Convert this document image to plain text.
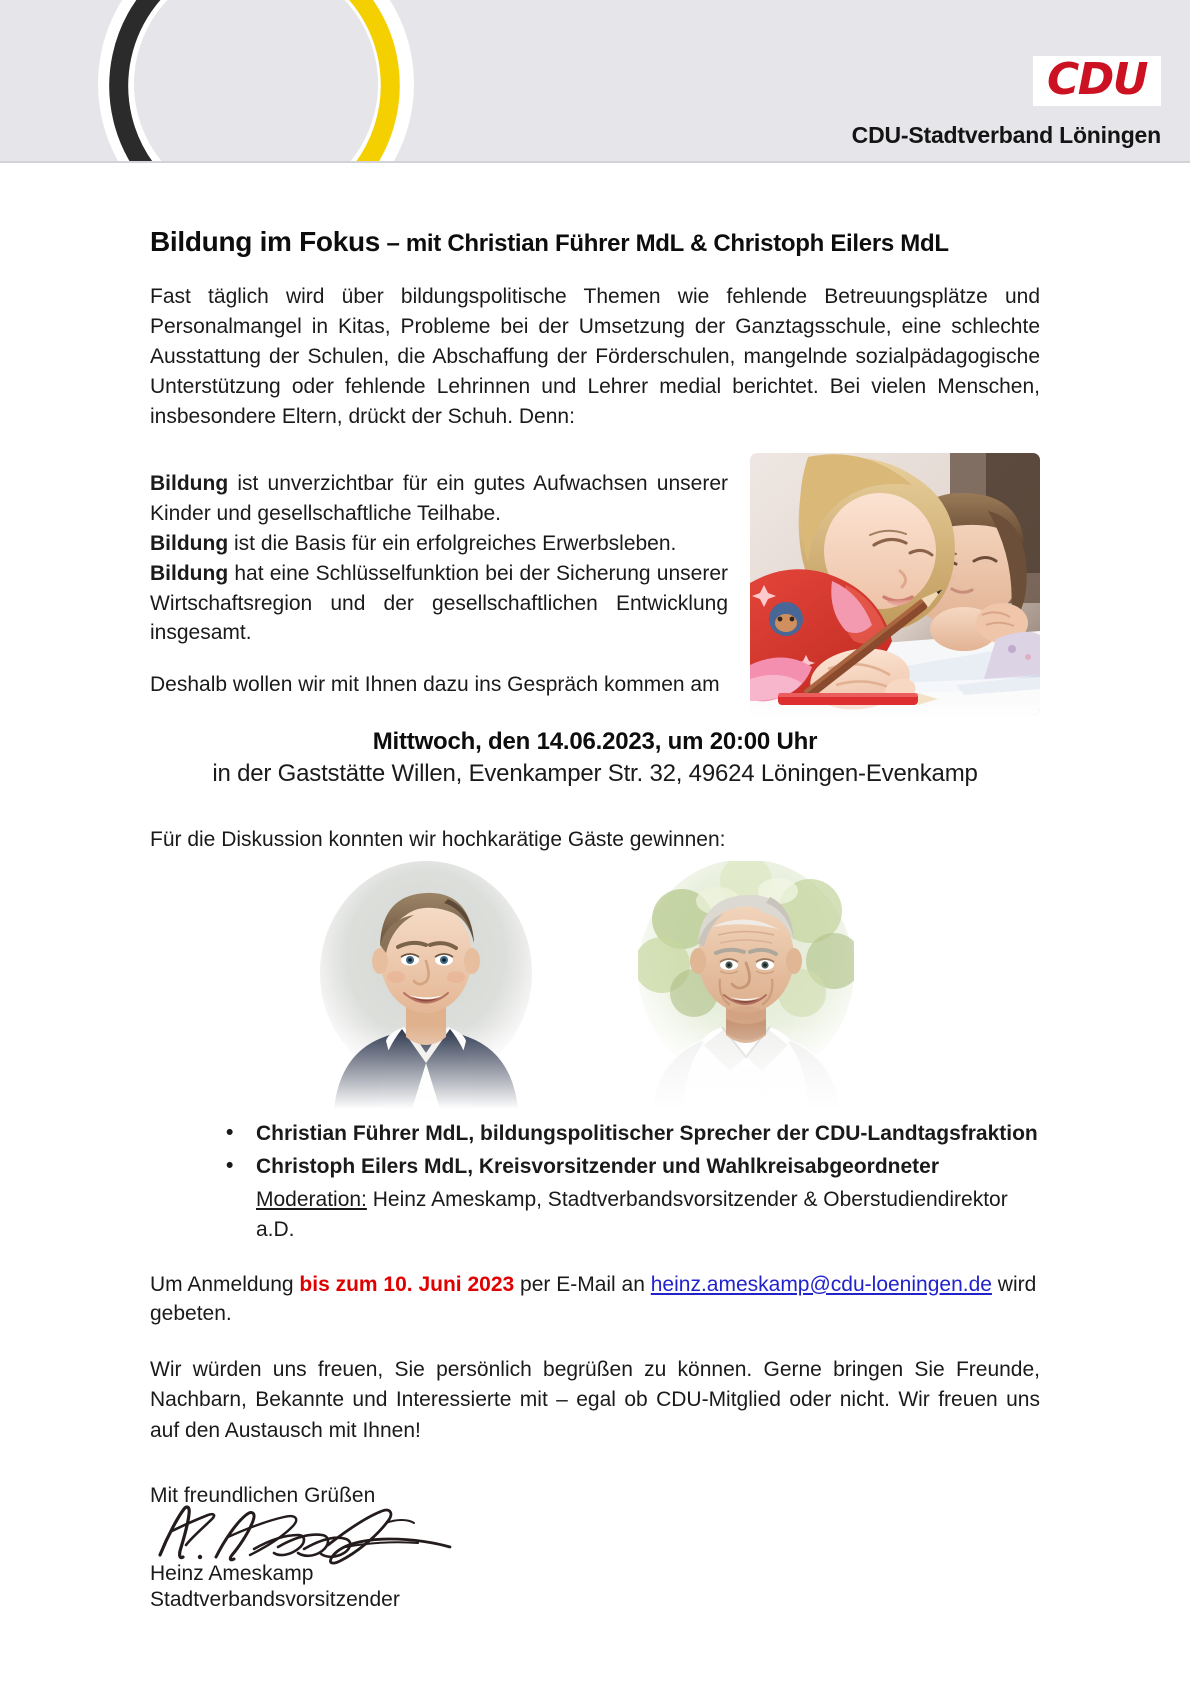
CDU
CDU-Stadtverband Löningen
Bildung im Fokus – mit Christian Führer MdL & Christoph Eilers MdL

Fast täglich wird über bildungspolitische Themen wie fehlende Betreuungsplätze und Personalmangel in Kitas, Probleme bei der Umsetzung der Ganztagsschule, eine schlechte Ausstattung der Schulen, die Abschaffung der Förderschulen, mangelnde sozialpädagogische Unterstützung oder fehlende Lehrinnen und Lehrer medial berichtet. Bei vielen Menschen, insbesondere Eltern, drückt der Schuh. Denn:

Bildung ist unverzichtbar für ein gutes Aufwachsen unserer Kinder und gesellschaftliche Teilhabe.
Bildung ist die Basis für ein erfolgreiches Erwerbsleben.
Bildung hat eine Schlüsselfunktion bei der Sicherung unserer Wirtschaftsregion und der gesellschaftlichen Entwicklung insgesamt.

Deshalb wollen wir mit Ihnen dazu ins Gespräch kommen am

Mittwoch, den 14.06.2023, um 20:00 Uhr
in der Gaststätte Willen, Evenkamper Str. 32, 49624 Löningen-Evenkamp

Für die Diskussion konnten wir hochkarätige Gäste gewinnen:

• Christian Führer MdL, bildungspolitischer Sprecher der CDU-Landtagsfraktion
• Christoph Eilers MdL, Kreisvorsitzender und Wahlkreisabgeordneter
Moderation: Heinz Ameskamp, Stadtverbandsvorsitzender & Oberstudiendirektor a.D.

Um Anmeldung bis zum 10. Juni 2023 per E-Mail an heinz.ameskamp@cdu-loeningen.de wird gebeten.

Wir würden uns freuen, Sie persönlich begrüßen zu können. Gerne bringen Sie Freunde, Nachbarn, Bekannte und Interessierte mit – egal ob CDU-Mitglied oder nicht. Wir freuen uns auf den Austausch mit Ihnen!

Mit freundlichen Grüßen

Heinz Ameskamp

Stadtverbandsvorsitzender
